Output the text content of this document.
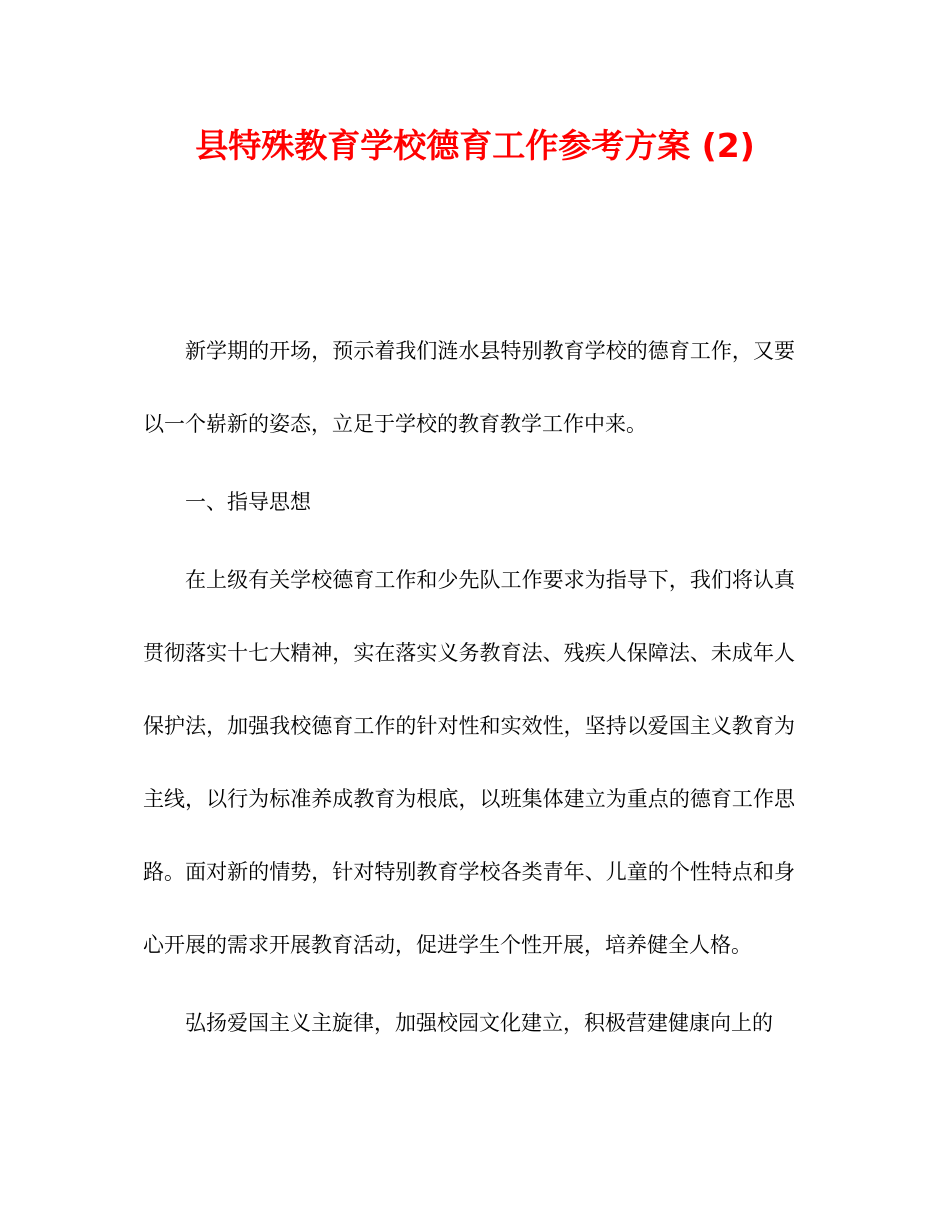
县特殊教育学校德育工作参考方案 (2)

新学期的开场，预示着我们涟水县特别教育学校的德育工作，又要以一个崭新的姿态，立足于学校的教育教学工作中来。

一、指导思想

在上级有关学校德育工作和少先队工作要求为指导下，我们将认真贯彻落实十七大精神，实在落实义务教育法、残疾人保障法、未成年人保护法，加强我校德育工作的针对性和实效性，坚持以爱国主义教育为主线，以行为标准养成教育为根底，以班集体建立为重点的德育工作思路。面对新的情势，针对特别教育学校各类青年、儿童的个性特点和身心开展的需求开展教育活动，促进学生个性开展，培养健全人格。

弘扬爱国主义主旋律，加强校园文化建立，积极营建健康向上的
